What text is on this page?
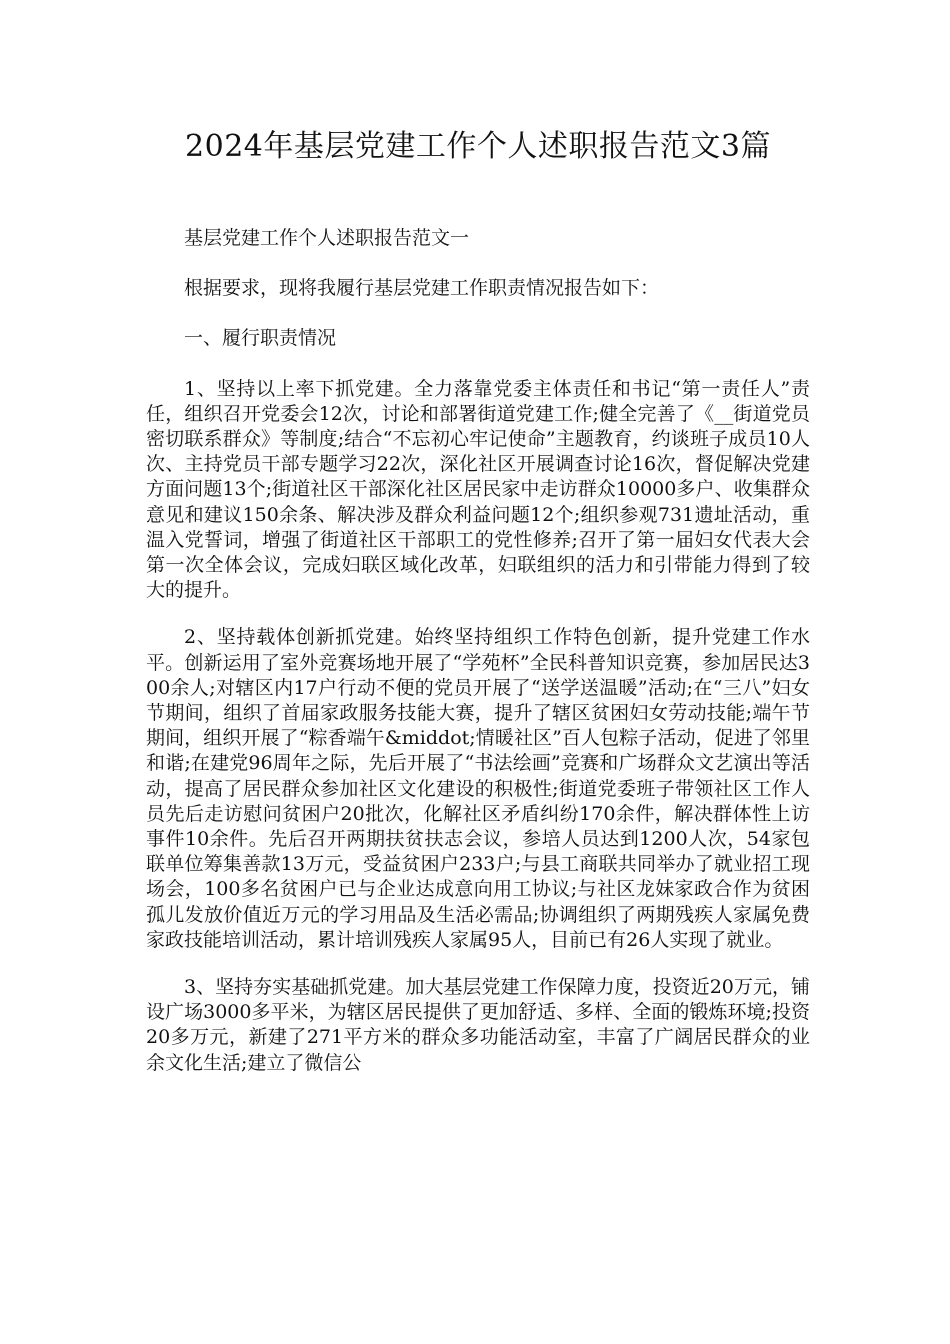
2024年基层党建工作个人述职报告范文3篇

基层党建工作个人述职报告范文一

根据要求，现将我履行基层党建工作职责情况报告如下：

一、履行职责情况

1、坚持以上率下抓党建。全力落靠党委主体责任和书记“第一责任人”责任，组织召开党委会12次，讨论和部署街道党建工作;健全完善了《__街道党员密切联系群众》等制度;结合“不忘初心牢记使命”主题教育，约谈班子成员10人次、主持党员干部专题学习22次，深化社区开展调查讨论16次，督促解决党建方面问题13个;街道社区干部深化社区居民家中走访群众10000多户、收集群众意见和建议150余条、解决涉及群众利益问题12个;组织参观731遗址活动，重温入党誓词，增强了街道社区干部职工的党性修养;召开了第一届妇女代表大会第一次全体会议，完成妇联区域化改革，妇联组织的活力和引带能力得到了较大的提升。

2、坚持载体创新抓党建。始终坚持组织工作特色创新，提升党建工作水平。创新运用了室外竞赛场地开展了“学苑杯”全民科普知识竞赛，参加居民达300余人;对辖区内17户行动不便的党员开展了“送学送温暖”活动;在“三八”妇女节期间，组织了首届家政服务技能大赛，提升了辖区贫困妇女劳动技能;端午节期间，组织开展了“粽香端午&middot;情暖社区”百人包粽子活动，促进了邻里和谐;在建党96周年之际，先后开展了“书法绘画”竞赛和广场群众文艺演出等活动，提高了居民群众参加社区文化建设的积极性;街道党委班子带领社区工作人员先后走访慰问贫困户20批次，化解社区矛盾纠纷170余件，解决群体性上访事件10余件。先后召开两期扶贫扶志会议，参培人员达到1200人次，54家包联单位筹集善款13万元，受益贫困户233户;与县工商联共同举办了就业招工现场会，100多名贫困户已与企业达成意向用工协议;与社区龙妹家政合作为贫困孤儿发放价值近万元的学习用品及生活必需品;协调组织了两期残疾人家属免费家政技能培训活动，累计培训残疾人家属95人，目前已有26人实现了就业。

3、坚持夯实基础抓党建。加大基层党建工作保障力度，投资近20万元，铺设广场3000多平米，为辖区居民提供了更加舒适、多样、全面的锻炼环境;投资20多万元，新建了271平方米的群众多功能活动室，丰富了广阔居民群众的业余文化生活;建立了微信公
